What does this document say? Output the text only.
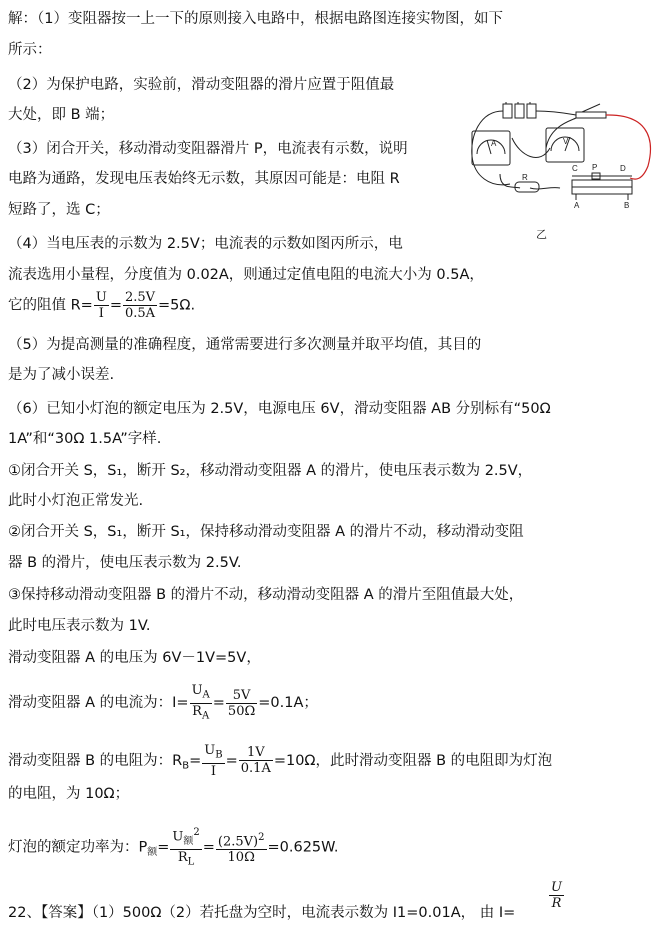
解：（1）变阻器按一上一下的原则接入电路中，根据电路图连接实物图，如下
所示：
（2）为保护电路，实验前，滑动变阻器的滑片应置于阻值最
大处，即 B 端；
（3）闭合开关，移动滑动变阻器滑片 P，电流表有示数，说明
电路为通路，发现电压表始终无示数，其原因可能是：电阻 R
短路了，选 C；
（4）当电压表的示数为 2.5V；电流表的示数如图丙所示，电
流表选用小量程，分度值为 0.02A，则通过定值电阻的电流大小为 0.5A，
它的阻值 $R= \frac{U}{I} = \frac{2.5V}{0.5A} =5\Omega$.
（5）为提高测量的准确程度，通常需要进行多次测量并取平均值，其目的
是为了减小误差.
（6）已知小灯泡的额定电压为 2.5V，电源电压 6V，滑动变阻器 AB 分别标有“50Ω
1A”和“30Ω 1.5A”字样.
①闭合开关 S，S₁，断开 S₂，移动滑动变阻器 A 的滑片，使电压表示数为 2.5V，
此时小灯泡正常发光.
②闭合开关 S，S₁，断开 S₁，保持移动滑动变阻器 A 的滑片不动，移动滑动变阻
器 B 的滑片，使电压表示数为 2.5V.
③保持移动滑动变阻器 B 的滑片不动，移动滑动变阻器 A 的滑片至阻值最大处，
此时电压表示数为 1V.
滑动变阻器 A 的电压为 6V－1V=5V，
滑动变阻器 A 的电流为：$I= \frac{U_A}{R_A} = \frac{5V}{50\Omega} =0.1A$；
滑动变阻器 B 的电阻为：$R_B= \frac{U_B}{I} = \frac{1V}{0.1A} =10\Omega$，此时滑动变阻器 B 的电阻即为灯泡
的电阻，为 10Ω；
灯泡的额定功率为：$P_额= \frac{U_额^2}{R_L} = \frac{(2.5V)^2}{10\Omega} =0.625W$.
22、【答案】（1）500Ω（2）若托盘为空时，电流表示数为 I1=0.01A， 由 I=
$\frac{U}{R}$
A	V
R
C P	D
A	B
乙
